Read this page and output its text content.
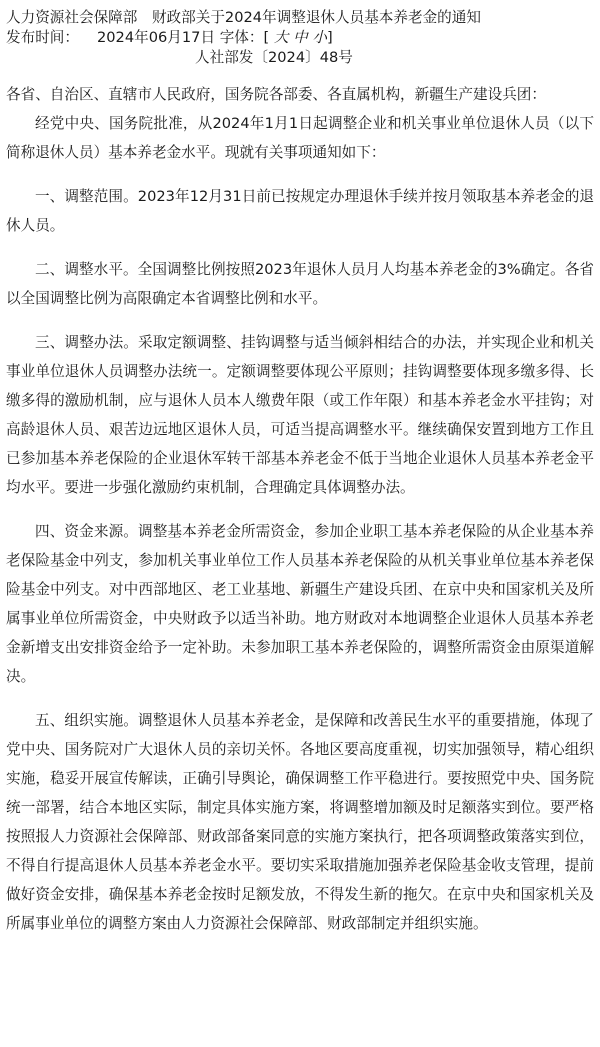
人力资源社会保障部　财政部关于2024年调整退休人员基本养老金的通知
发布时间： 2024年06月17日 字体：[ 大 中 小]
人社部发〔2024〕48号

各省、自治区、直辖市人民政府，国务院各部委、各直属机构，新疆生产建设兵团：

经党中央、国务院批准，从2024年1月1日起调整企业和机关事业单位退休人员（以下简称退休人员）基本养老金水平。现就有关事项通知如下：

一、调整范围。2023年12月31日前已按规定办理退休手续并按月领取基本养老金的退休人员。

二、调整水平。全国调整比例按照2023年退休人员月人均基本养老金的3%确定。各省以全国调整比例为高限确定本省调整比例和水平。

三、调整办法。采取定额调整、挂钩调整与适当倾斜相结合的办法，并实现企业和机关事业单位退休人员调整办法统一。定额调整要体现公平原则；挂钩调整要体现多缴多得、长缴多得的激励机制，应与退休人员本人缴费年限（或工作年限）和基本养老金水平挂钩；对高龄退休人员、艰苦边远地区退休人员，可适当提高调整水平。继续确保安置到地方工作且已参加基本养老保险的企业退休军转干部基本养老金不低于当地企业退休人员基本养老金平均水平。要进一步强化激励约束机制，合理确定具体调整办法。

四、资金来源。调整基本养老金所需资金，参加企业职工基本养老保险的从企业基本养老保险基金中列支，参加机关事业单位工作人员基本养老保险的从机关事业单位基本养老保险基金中列支。对中西部地区、老工业基地、新疆生产建设兵团、在京中央和国家机关及所属事业单位所需资金，中央财政予以适当补助。地方财政对本地调整企业退休人员基本养老金新增支出安排资金给予一定补助。未参加职工基本养老保险的，调整所需资金由原渠道解决。

五、组织实施。调整退休人员基本养老金，是保障和改善民生水平的重要措施，体现了党中央、国务院对广大退休人员的亲切关怀。各地区要高度重视，切实加强领导，精心组织实施，稳妥开展宣传解读，正确引导舆论，确保调整工作平稳进行。要按照党中央、国务院统一部署，结合本地区实际，制定具体实施方案，将调整增加额及时足额落实到位。要严格按照报人力资源社会保障部、财政部备案同意的实施方案执行，把各项调整政策落实到位，不得自行提高退休人员基本养老金水平。要切实采取措施加强养老保险基金收支管理，提前做好资金安排，确保基本养老金按时足额发放，不得发生新的拖欠。在京中央和国家机关及所属事业单位的调整方案由人力资源社会保障部、财政部制定并组织实施。
